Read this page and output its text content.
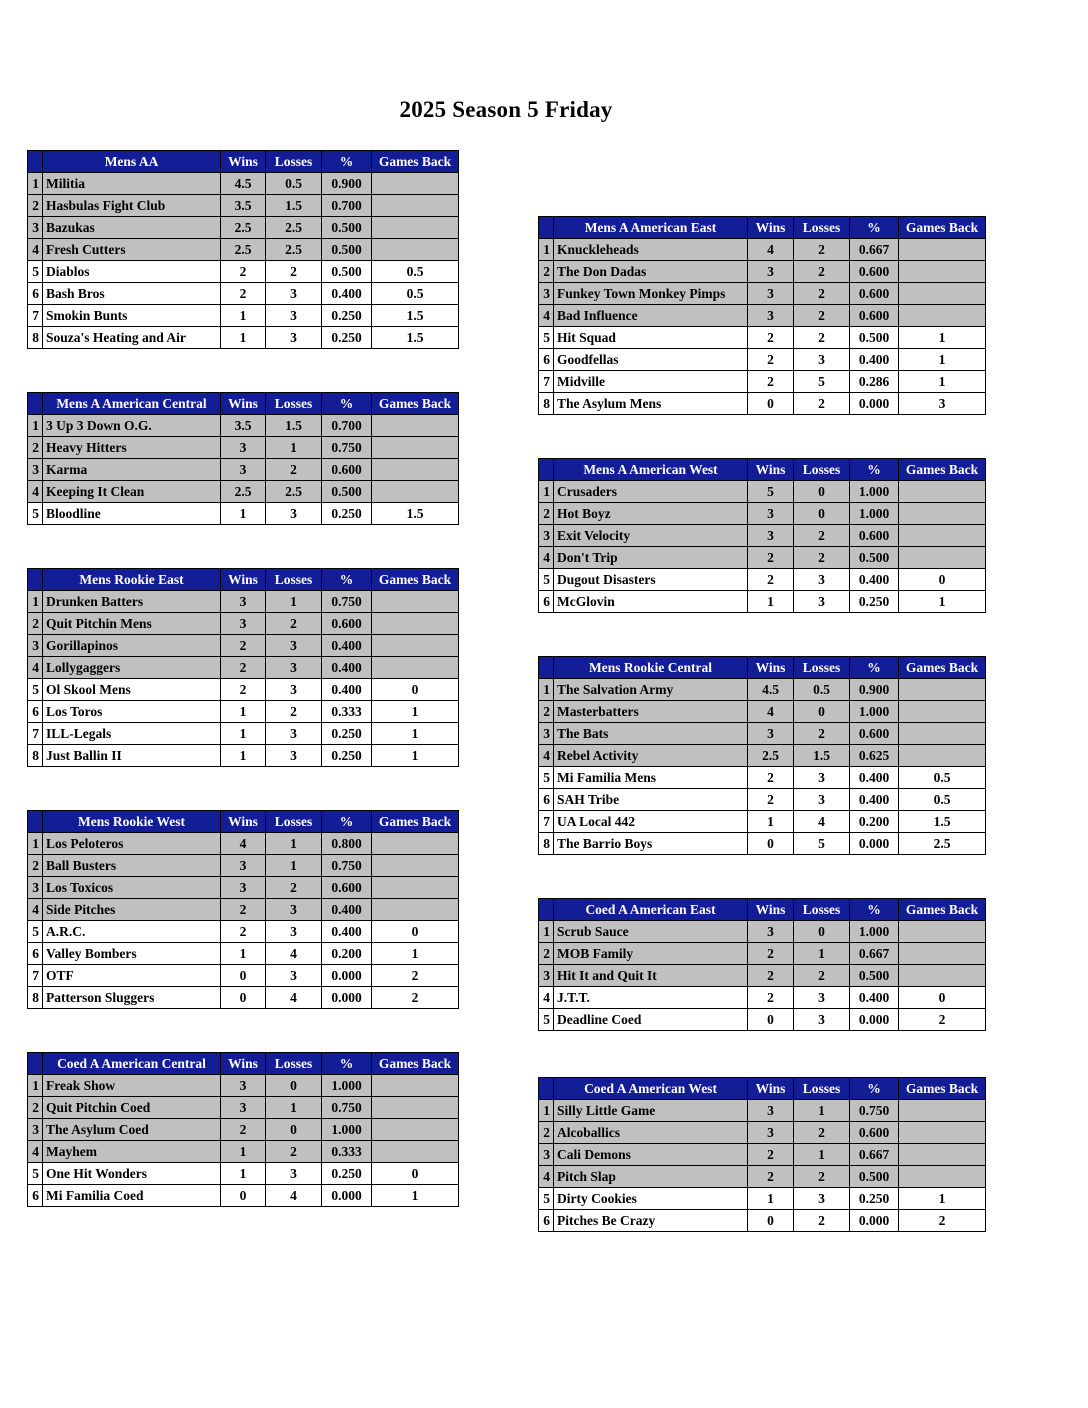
2025 Season 5 Friday
	Mens AA	Wins	Losses	%	Games Back
1	Militia	4.5	0.5	0.900	
2	Hasbulas Fight Club	3.5	1.5	0.700	
3	Bazukas	2.5	2.5	0.500	
4	Fresh Cutters	2.5	2.5	0.500	
5	Diablos	2	2	0.500	0.5
6	Bash Bros	2	3	0.400	0.5
7	Smokin Bunts	1	3	0.250	1.5
8	Souza's Heating and Air	1	3	0.250	1.5
	Mens A American Central	Wins	Losses	%	Games Back
1	3 Up 3 Down O.G.	3.5	1.5	0.700	
2	Heavy Hitters	3	1	0.750	
3	Karma	3	2	0.600	
4	Keeping It Clean	2.5	2.5	0.500	
5	Bloodline	1	3	0.250	1.5
	Mens Rookie East	Wins	Losses	%	Games Back
1	Drunken Batters	3	1	0.750	
2	Quit Pitchin Mens	3	2	0.600	
3	Gorillapinos	2	3	0.400	
4	Lollygaggers	2	3	0.400	
5	Ol Skool Mens	2	3	0.400	0
6	Los Toros	1	2	0.333	1
7	ILL-Legals	1	3	0.250	1
8	Just Ballin II	1	3	0.250	1
	Mens Rookie West	Wins	Losses	%	Games Back
1	Los Peloteros	4	1	0.800	
2	Ball Busters	3	1	0.750	
3	Los Toxicos	3	2	0.600	
4	Side Pitches	2	3	0.400	
5	A.R.C.	2	3	0.400	0
6	Valley Bombers	1	4	0.200	1
7	OTF	0	3	0.000	2
8	Patterson Sluggers	0	4	0.000	2
	Coed A American Central	Wins	Losses	%	Games Back
1	Freak Show	3	0	1.000	
2	Quit Pitchin Coed	3	1	0.750	
3	The Asylum Coed	2	0	1.000	
4	Mayhem	1	2	0.333	
5	One Hit Wonders	1	3	0.250	0
6	Mi Familia Coed	0	4	0.000	1
	Mens A American East	Wins	Losses	%	Games Back
1	Knuckleheads	4	2	0.667	
2	The Don Dadas	3	2	0.600	
3	Funkey Town Monkey Pimps	3	2	0.600	
4	Bad Influence	3	2	0.600	
5	Hit Squad	2	2	0.500	1
6	Goodfellas	2	3	0.400	1
7	Midville	2	5	0.286	1
8	The Asylum Mens	0	2	0.000	3
	Mens A American West	Wins	Losses	%	Games Back
1	Crusaders	5	0	1.000	
2	Hot Boyz	3	0	1.000	
3	Exit Velocity	3	2	0.600	
4	Don't Trip	2	2	0.500	
5	Dugout Disasters	2	3	0.400	0
6	McGlovin	1	3	0.250	1
	Mens Rookie Central	Wins	Losses	%	Games Back
1	The Salvation Army	4.5	0.5	0.900	
2	Masterbatters	4	0	1.000	
3	The Bats	3	2	0.600	
4	Rebel Activity	2.5	1.5	0.625	
5	Mi Familia Mens	2	3	0.400	0.5
6	SAH Tribe	2	3	0.400	0.5
7	UA Local 442	1	4	0.200	1.5
8	The Barrio Boys	0	5	0.000	2.5
	Coed A American East	Wins	Losses	%	Games Back
1	Scrub Sauce	3	0	1.000	
2	MOB Family	2	1	0.667	
3	Hit It and Quit It	2	2	0.500	
4	J.T.T.	2	3	0.400	0
5	Deadline Coed	0	3	0.000	2
	Coed A American West	Wins	Losses	%	Games Back
1	Silly Little Game	3	1	0.750	
2	Alcoballics	3	2	0.600	
3	Cali Demons	2	1	0.667	
4	Pitch Slap	2	2	0.500	
5	Dirty Cookies	1	3	0.250	1
6	Pitches Be Crazy	0	2	0.000	2
